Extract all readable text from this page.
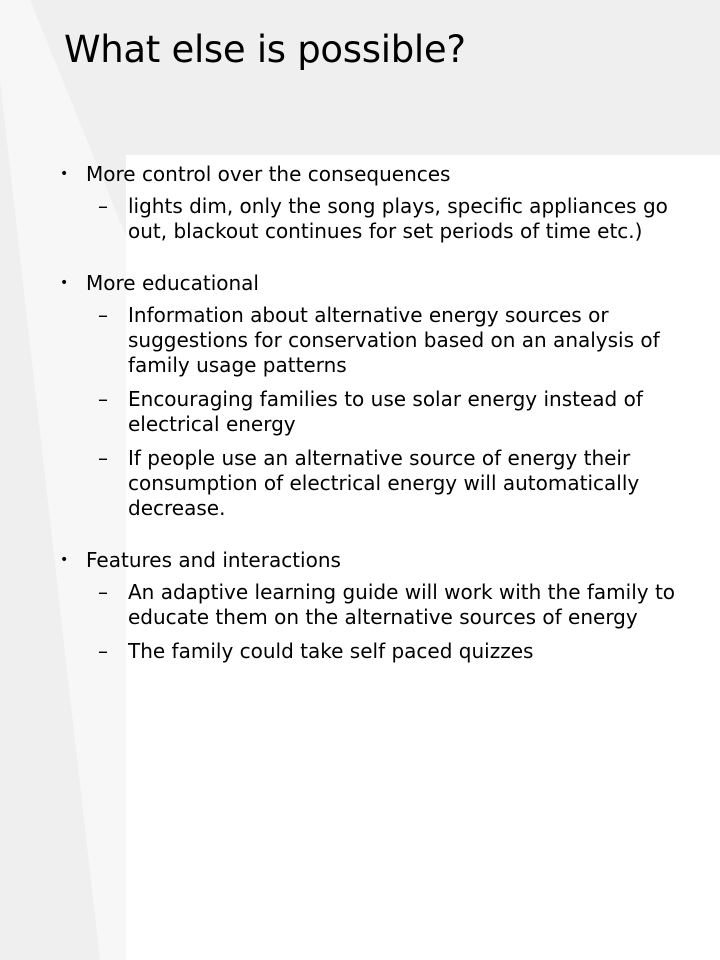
What else is possible?
• More control over the consequences
–	lights dim, only the song plays, specific appliances go out, blackout continues for set periods of time etc.)
• More educational
–	Information about alternative energy sources or suggestions for conservation based on an analysis of family usage patterns
–	Encouraging families to use solar energy instead of electrical energy
–	If people use an alternative source of energy their consumption of electrical energy will automatically decrease.
• Features and interactions
–	An adaptive learning guide will work with the family to educate them on the alternative sources of energy
–	The family could take self paced quizzes
